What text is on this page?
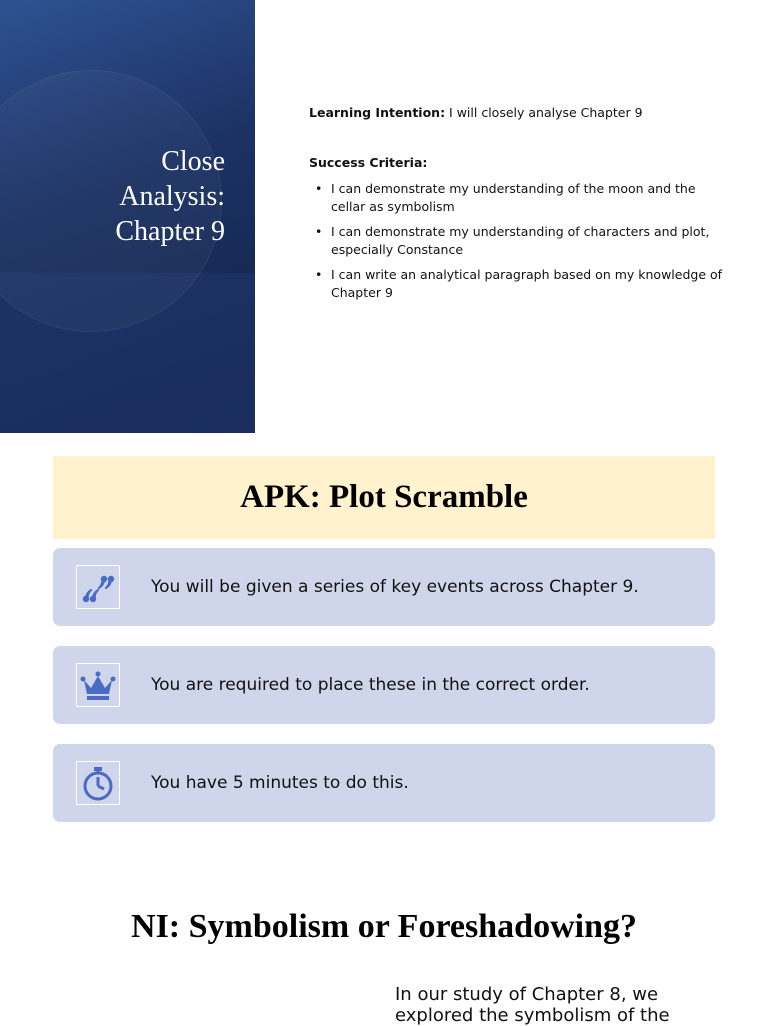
Close
Analysis:
Chapter 9

Learning Intention: I will closely analyse Chapter 9

Success Criteria:
• I can demonstrate my understanding of the moon and the cellar as symbolism
• I can demonstrate my understanding of characters and plot, especially Constance
• I can write an analytical paragraph based on my knowledge of Chapter 9
APK: Plot Scramble
You will be given a series of key events across Chapter 9.
You are required to place these in the correct order.
You have 5 minutes to do this.
NI: Symbolism or Foreshadowing?
In our study of Chapter 8, we explored the symbolism of the
